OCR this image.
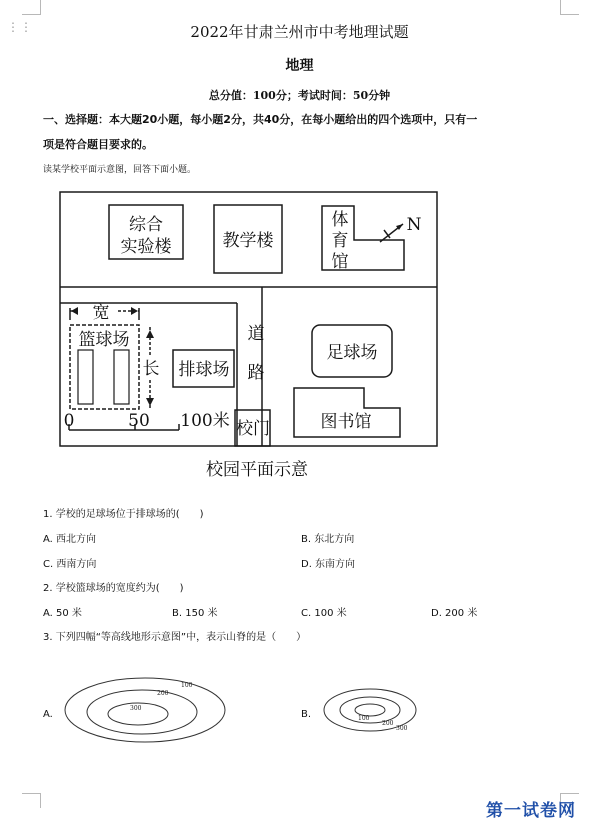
⋮⋮	2022年甘肃兰州市中考地理试题
地理
总分值：100分；考试时间：50分钟
一、选择题：本大题20小题，每小题2分，共40分，在每小题给出的四个选项中，只有一
项是符合题目要求的。
读某学校平面示意图，回答下面小题。
综合
实验楼	教学楼
体
育
馆
N
宽
篮球场
长 排球场
道
路
足球场
图书馆
校门
0	50 100米
校园平面示意
1. 学校的足球场位于排球场的(　　)
A. 西北方向	B. 东北方向
C. 西南方向	D. 东南方向
2. 学校篮球场的宽度约为(　　)
A. 50 米	B. 150 米	C. 100 米	D. 200 米
3. 下列四幅“等高线地形示意图”中，表示山脊的是（　　）
A.	B.
100
200
300
100
200
300
第一试卷网
